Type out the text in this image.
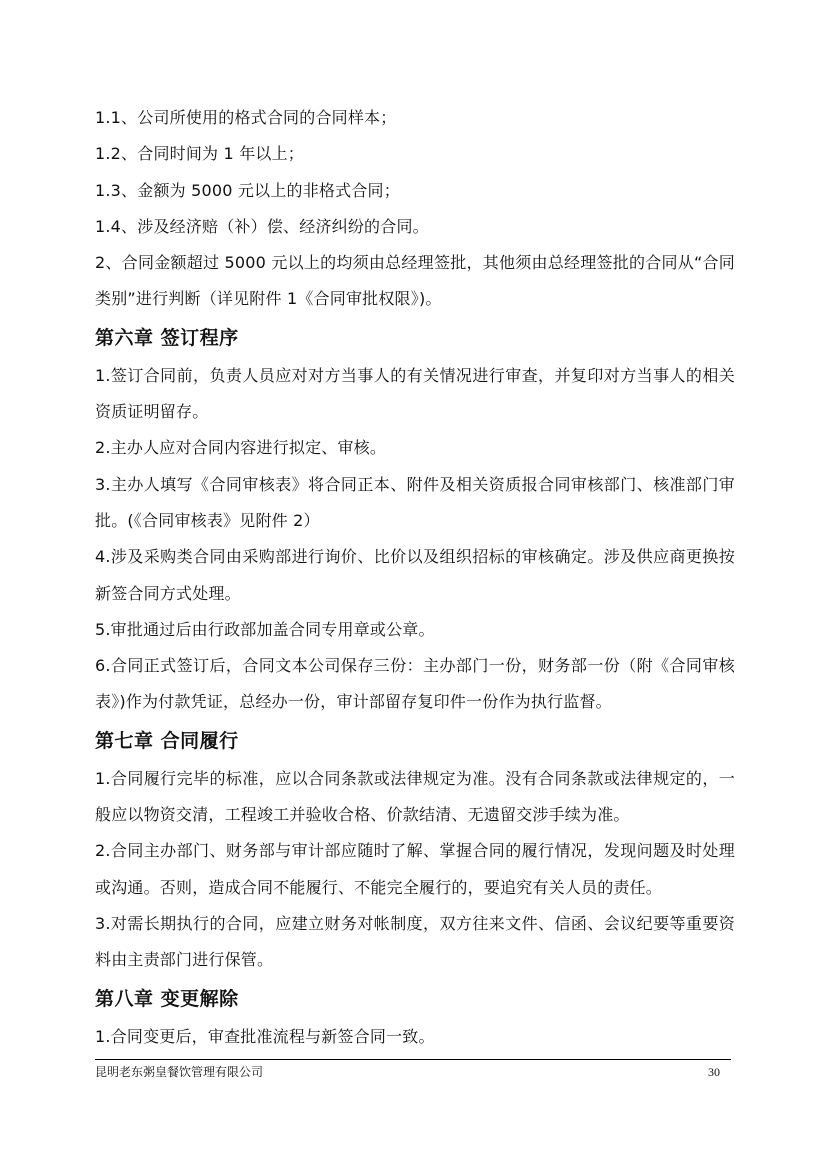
1.1、公司所使用的格式合同的合同样本；

1.2、合同时间为 1 年以上；

1.3、金额为 5000 元以上的非格式合同；

1.4、涉及经济赔（补）偿、经济纠纷的合同。

2、合同金额超过 5000 元以上的均须由总经理签批，其他须由总经理签批的合同从“合同类别”进行判断（详见附件 1《合同审批权限》)。

第六章 签订程序

1.签订合同前，负责人员应对对方当事人的有关情况进行审查，并复印对方当事人的相关资质证明留存。

2.主办人应对合同内容进行拟定、审核。

3.主办人填写《合同审核表》将合同正本、附件及相关资质报合同审核部门、核准部门审批。(《合同审核表》见附件 2）

4.涉及采购类合同由采购部进行询价、比价以及组织招标的审核确定。涉及供应商更换按新签合同方式处理。

5.审批通过后由行政部加盖合同专用章或公章。

6.合同正式签订后，合同文本公司保存三份：主办部门一份，财务部一份（附《合同审核表》)作为付款凭证，总经办一份，审计部留存复印件一份作为执行监督。

第七章 合同履行

1.合同履行完毕的标准，应以合同条款或法律规定为准。没有合同条款或法律规定的，一般应以物资交清，工程竣工并验收合格、价款结清、无遗留交涉手续为准。

2.合同主办部门、财务部与审计部应随时了解、掌握合同的履行情况，发现问题及时处理或沟通。否则，造成合同不能履行、不能完全履行的，要追究有关人员的责任。

3.对需长期执行的合同，应建立财务对帐制度，双方往来文件、信函、会议纪要等重要资料由主责部门进行保管。

第八章 变更解除

1.合同变更后，审查批准流程与新签合同一致。

昆明老东粥皇餐饮管理有限公司	30
